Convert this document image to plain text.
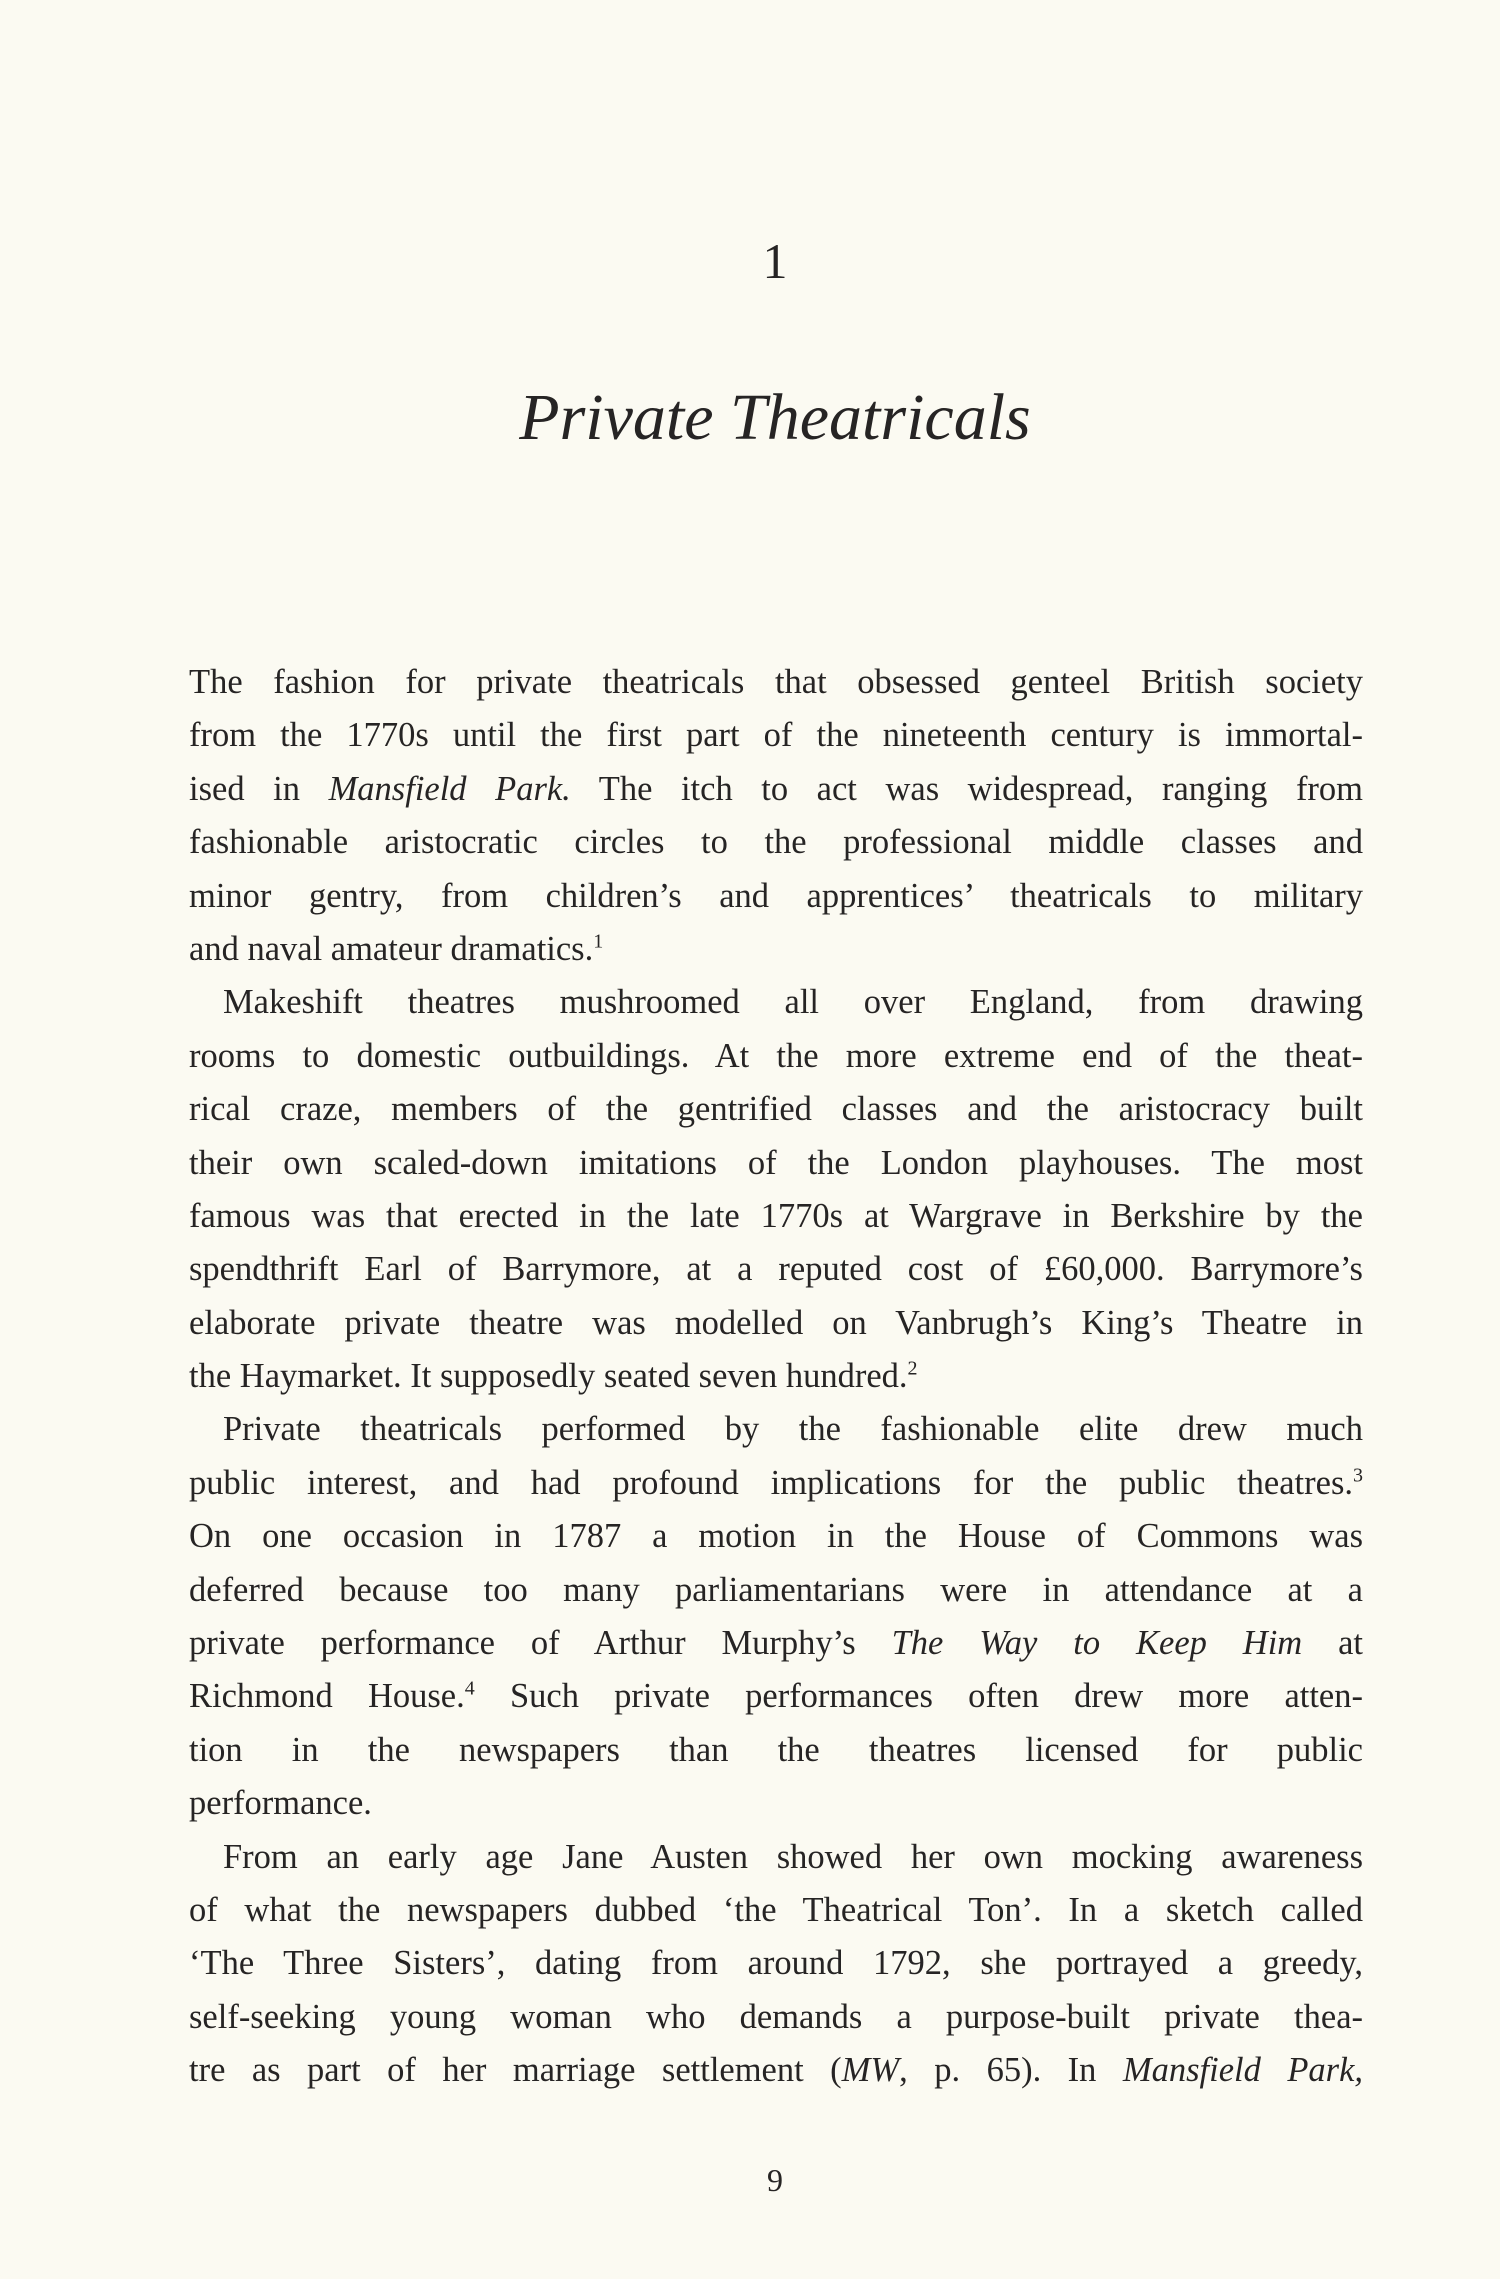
1
Private Theatricals
The fashion for private theatricals that obsessed genteel British society
from the 1770s until the first part of the nineteenth century is immortal-
ised in Mansfield Park. The itch to act was widespread, ranging from
fashionable aristocratic circles to the professional middle classes and
minor gentry, from children’s and apprentices’ theatricals to military
and naval amateur dramatics.$^1$
Makeshift theatres mushroomed all over England, from drawing
rooms to domestic outbuildings. At the more extreme end of the theat-
rical craze, members of the gentrified classes and the aristocracy built
their own scaled-down imitations of the London playhouses. The most
famous was that erected in the late 1770s at Wargrave in Berkshire by the
spendthrift Earl of Barrymore, at a reputed cost of £60,000. Barrymore’s
elaborate private theatre was modelled on Vanbrugh’s King’s Theatre in
the Haymarket. It supposedly seated seven hundred.$^2$
Private theatricals performed by the fashionable elite drew much
public interest, and had profound implications for the public theatres.$^3$
On one occasion in 1787 a motion in the House of Commons was
deferred because too many parliamentarians were in attendance at a
private performance of Arthur Murphy’s The Way to Keep Him at
Richmond House.$^4$ Such private performances often drew more atten-
tion in the newspapers than the theatres licensed for public
performance.
From an early age Jane Austen showed her own mocking awareness
of what the newspapers dubbed ‘the Theatrical Ton’. In a sketch called
‘The Three Sisters’, dating from around 1792, she portrayed a greedy,
self-seeking young woman who demands a purpose-built private thea-
tre as part of her marriage settlement (MW, p. 65). In Mansfield Park,
9
